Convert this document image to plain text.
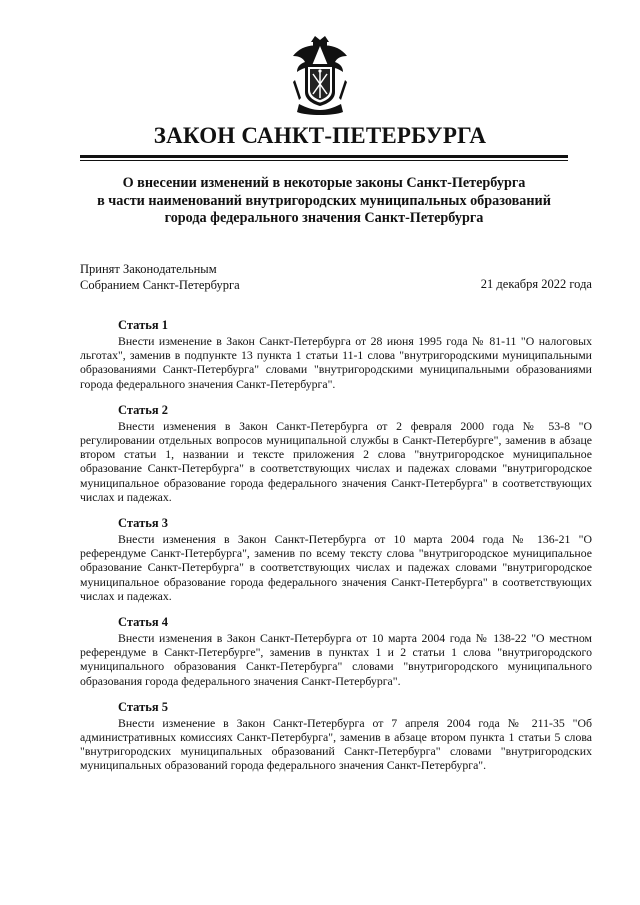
ЗАКОН САНКТ-ПЕТЕРБУРГА
О внесении изменений в некоторые законы Санкт-Петербурга
в части наименований внутригородских муниципальных образований
города федерального значения Санкт-Петербурга
Принят Законодательным
Собранием Санкт-Петербурга	21 декабря 2022 года
Статья 1

Внести изменение в Закон Санкт-Петербурга от 28 июня 1995 года № 81-11 "О налоговых льготах", заменив в подпункте 13 пункта 1 статьи 11-1 слова "внутригородскими муниципальными образованиями Санкт-Петербурга" словами "внутригородскими муниципальными образованиями города федерального значения Санкт-Петербурга".

Статья 2

Внести изменения в Закон Санкт-Петербурга от 2 февраля 2000 года № 53-8 "О регулировании отдельных вопросов муниципальной службы в Санкт-Петербурге", заменив в абзаце втором статьи 1, названии и тексте приложения 2 слова "внутригородское муниципальное образование Санкт-Петербурга" в соответствующих числах и падежах словами "внутригородское муниципальное образование города федерального значения Санкт-Петербурга" в соответствующих числах и падежах.

Статья 3

Внести изменения в Закон Санкт-Петербурга от 10 марта 2004 года № 136-21 "О референдуме Санкт-Петербурга", заменив по всему тексту слова "внутригородское муниципальное образование Санкт-Петербурга" в соответствующих числах и падежах словами "внутригородское муниципальное образование города федерального значения Санкт-Петербурга" в соответствующих числах и падежах.

Статья 4

Внести изменения в Закон Санкт-Петербурга от 10 марта 2004 года № 138-22 "О местном референдуме в Санкт-Петербурге", заменив в пунктах 1 и 2 статьи 1 слова "внутригородского муниципального образования Санкт-Петербурга" словами "внутригородского муниципального образования города федерального значения Санкт-Петербурга".

Статья 5

Внести изменение в Закон Санкт-Петербурга от 7 апреля 2004 года № 211-35 "Об административных комиссиях Санкт-Петербурга", заменив в абзаце втором пункта 1 статьи 5 слова "внутригородских муниципальных образований Санкт-Петербурга" словами "внутригородских муниципальных образований города федерального значения Санкт-Петербурга".
